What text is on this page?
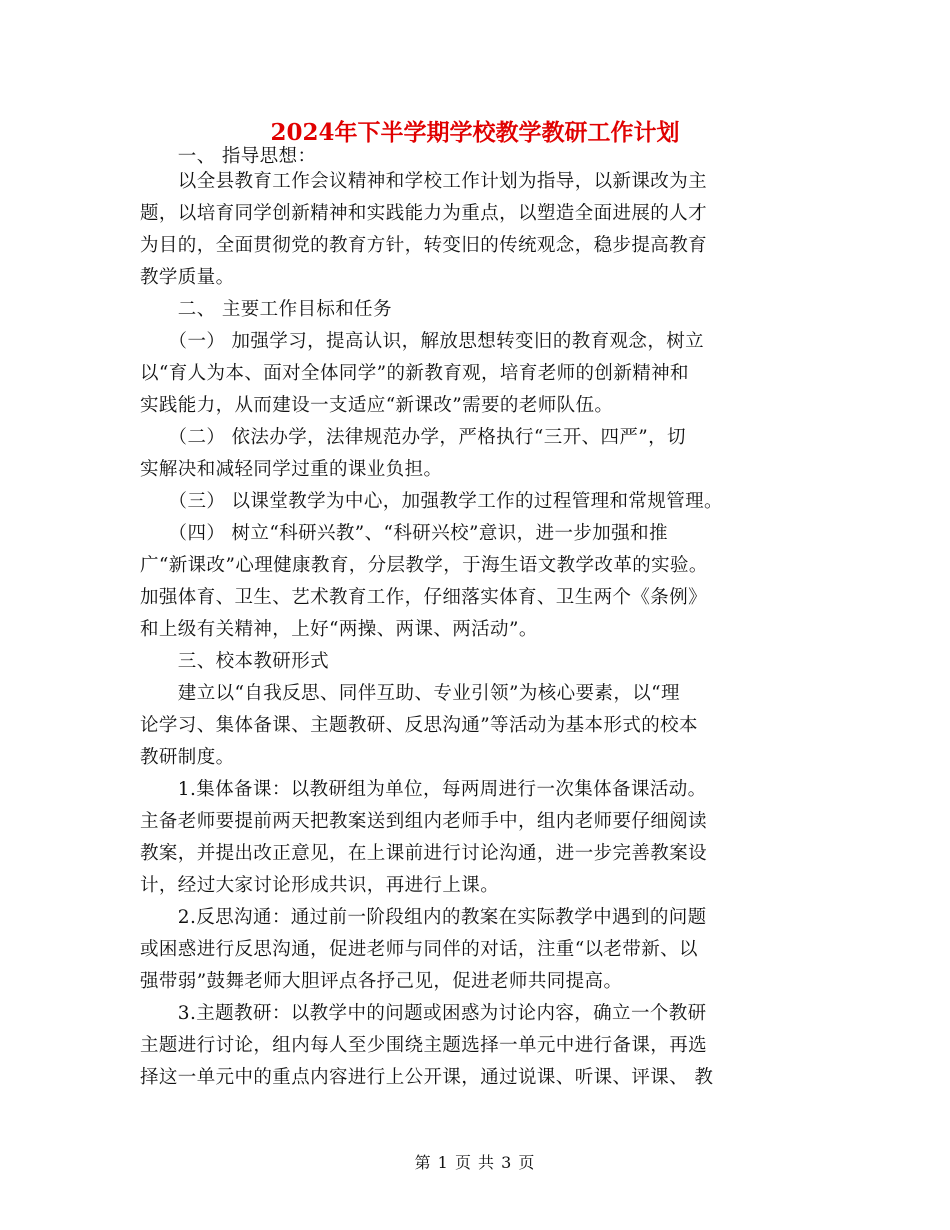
2024年下半学期学校教学教研工作计划
　　一、 指导思想：
　　以全县教育工作会议精神和学校工作计划为指导，以新课改为主
题，以培育同学创新精神和实践能力为重点，以塑造全面进展的人才
为目的，全面贯彻党的教育方针，转变旧的传统观念，稳步提高教育
教学质量。
　　二、 主要工作目标和任务
　　（一） 加强学习，提高认识，解放思想转变旧的教育观念，树立
以“育人为本、面对全体同学”的新教育观，培育老师的创新精神和
实践能力，从而建设一支适应“新课改”需要的老师队伍。
　　（二） 依法办学，法律规范办学，严格执行“三开、四严”，切
实解决和减轻同学过重的课业负担。
　　（三） 以课堂教学为中心，加强教学工作的过程管理和常规管理。
　　（四） 树立“科研兴教”、“科研兴校”意识，进一步加强和推
广“新课改”心理健康教育，分层教学，于海生语文教学改革的实验。
加强体育、卫生、艺术教育工作，仔细落实体育、卫生两个《条例》
和上级有关精神，上好“两操、两课、两活动”。
　　三、校本教研形式
　　建立以“自我反思、同伴互助、专业引领”为核心要素，以“理
论学习、集体备课、主题教研、反思沟通”等活动为基本形式的校本
教研制度。
　　1.集体备课：以教研组为单位，每两周进行一次集体备课活动。
主备老师要提前两天把教案送到组内老师手中，组内老师要仔细阅读
教案，并提出改正意见，在上课前进行讨论沟通，进一步完善教案设
计，经过大家讨论形成共识，再进行上课。
　　2.反思沟通：通过前一阶段组内的教案在实际教学中遇到的问题
或困惑进行反思沟通，促进老师与同伴的对话，注重“以老带新、以
强带弱”鼓舞老师大胆评点各抒己见，促进老师共同提高。
　　3.主题教研：以教学中的问题或困惑为讨论内容，确立一个教研
主题进行讨论，组内每人至少围绕主题选择一单元中进行备课，再选
择这一单元中的重点内容进行上公开课，通过说课、听课、评课、 教
第 1 页 共 3 页
